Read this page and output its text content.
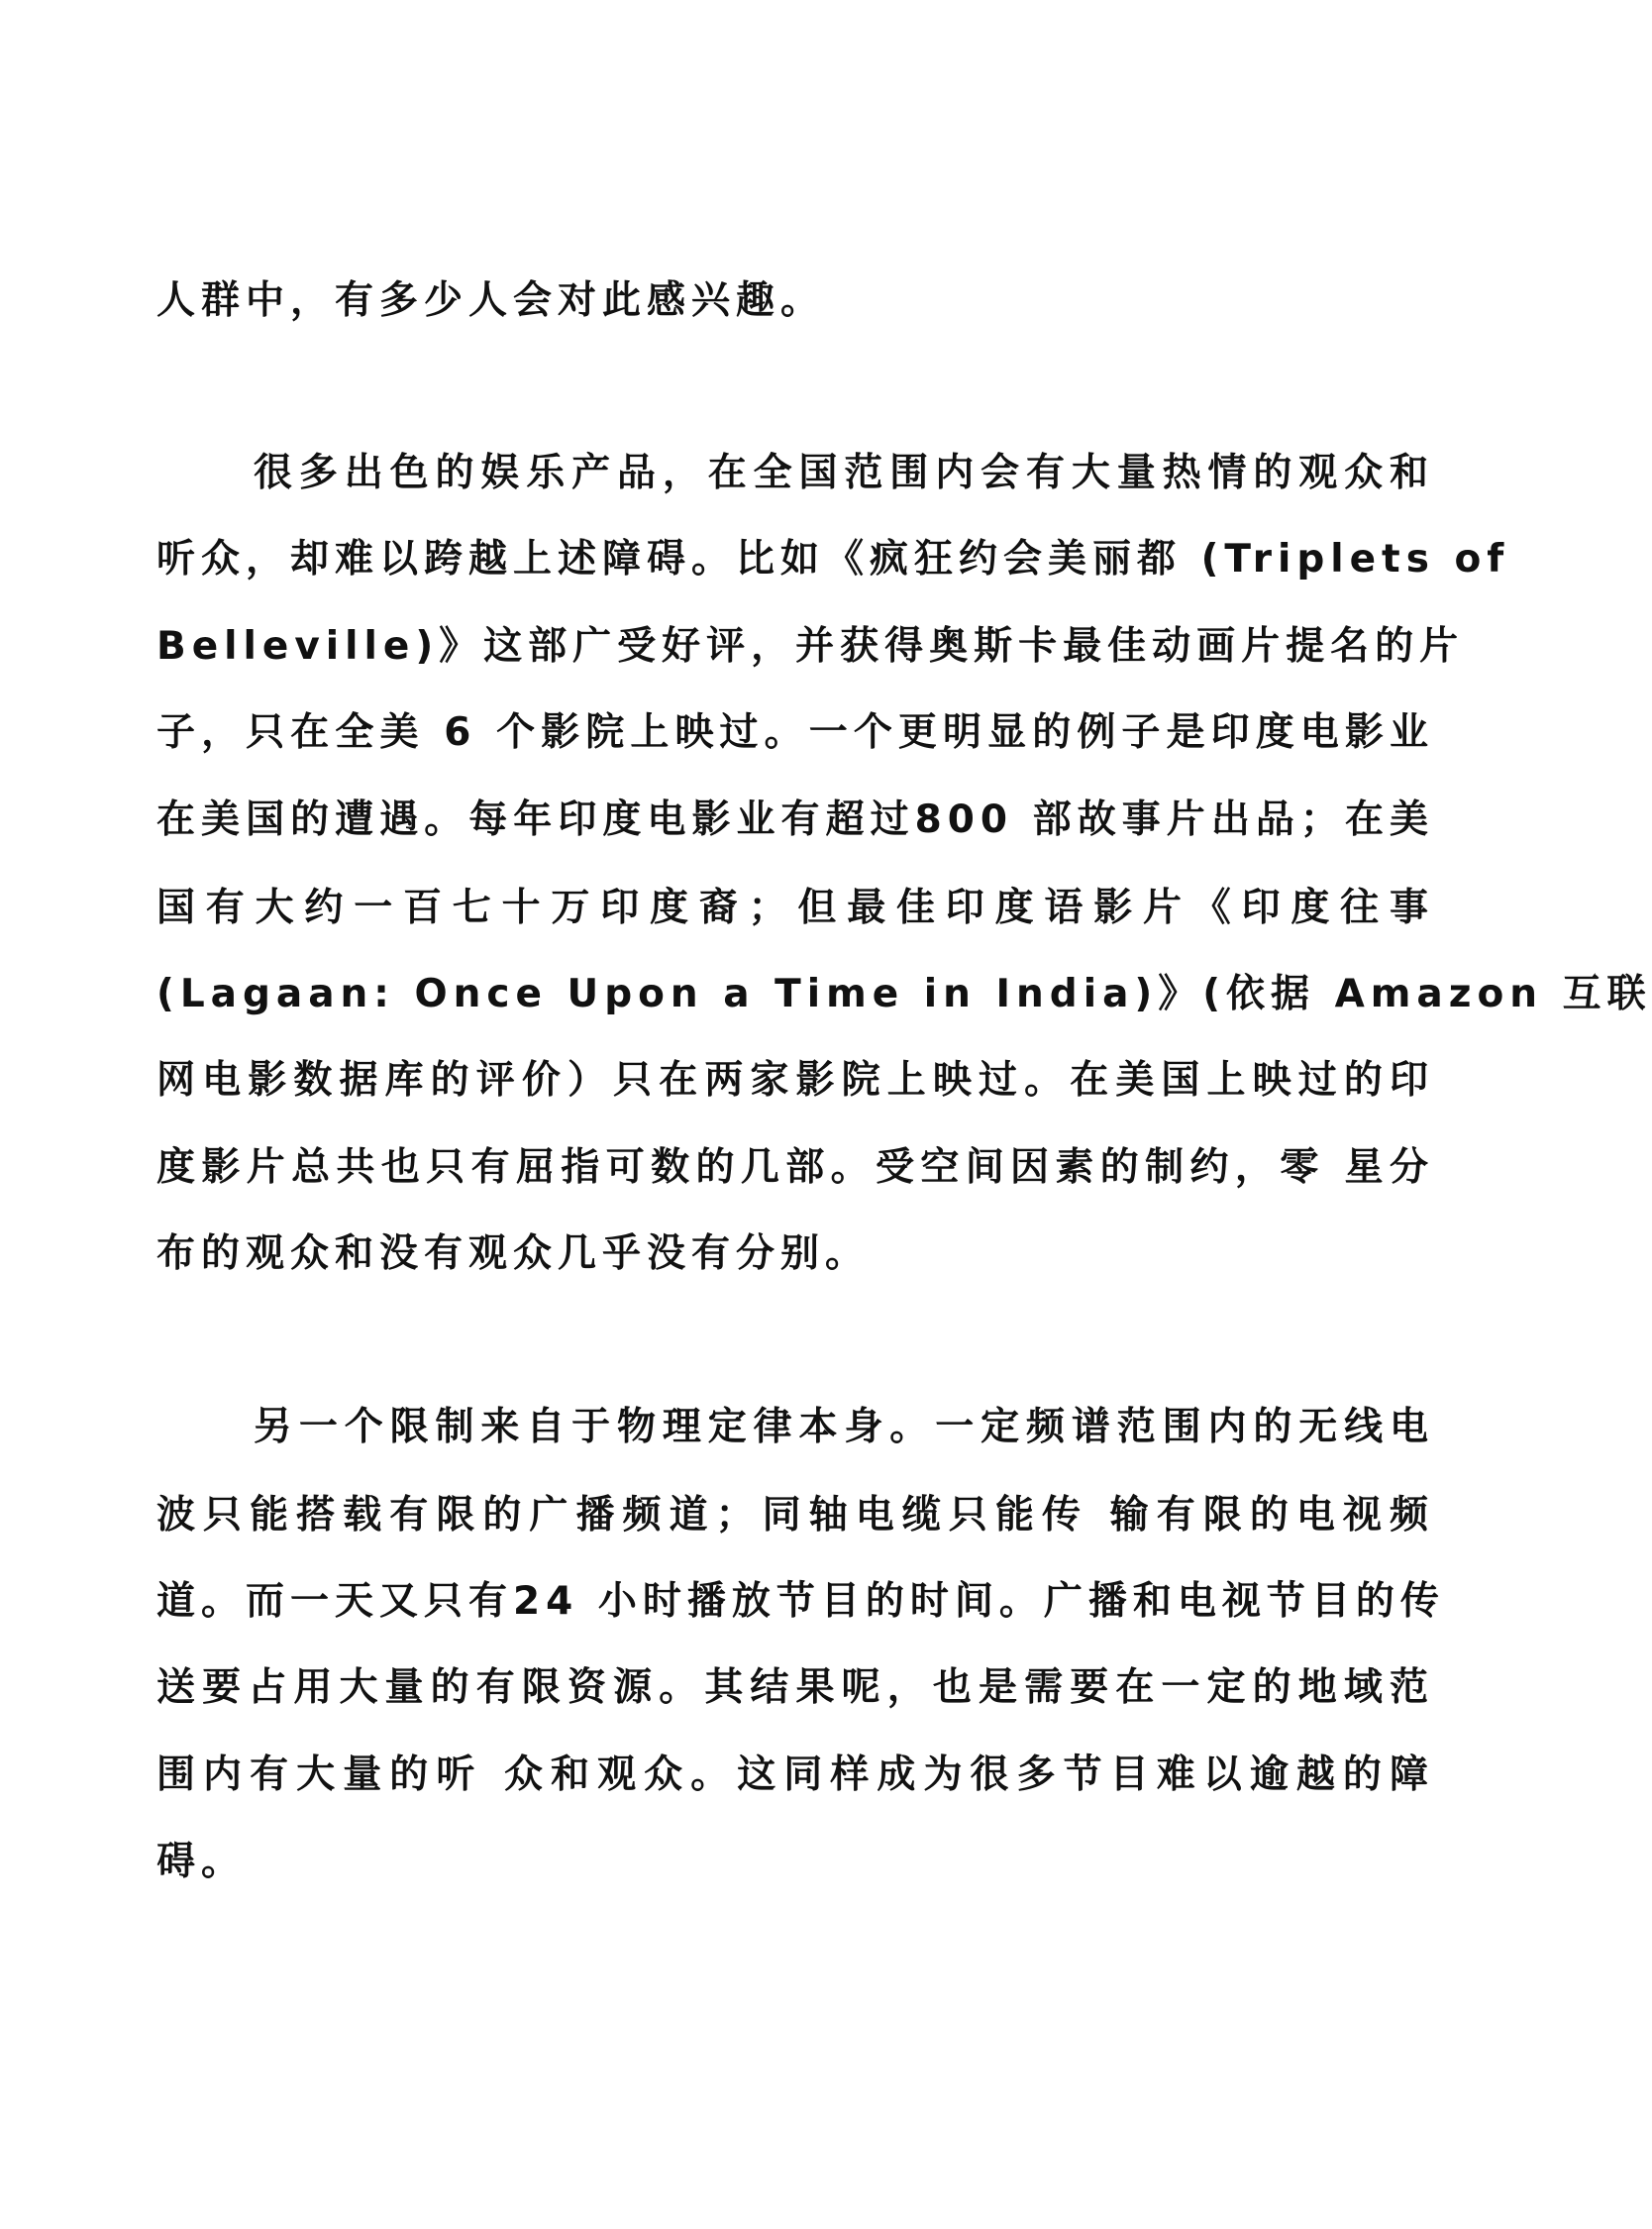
人群中，有多少人会对此感兴趣。

很多出色的娱乐产品，在全国范围内会有大量热情的观众和

听众，却难以跨越上述障碍。比如《疯狂约会美丽都 (Triplets of

Belleville)》这部广受好评，并获得奥斯卡最佳动画片提名的片

子，只在全美 6 个影院上映过。一个更明显的例子是印度电影业

在美国的遭遇。每年印度电影业有超过800 部故事片出品；在美

国有大约一百七十万印度裔；但最佳印度语影片《印度往事

(Lagaan: Once Upon a Time in India)》(依据 Amazon 互联

网电影数据库的评价）只在两家影院上映过。在美国上映过的印

度影片总共也只有屈指可数的几部。受空间因素的制约，零 星分

布的观众和没有观众几乎没有分别。

另一个限制来自于物理定律本身。一定频谱范围内的无线电

波只能搭载有限的广播频道；同轴电缆只能传 输有限的电视频

道。而一天又只有24 小时播放节目的时间。广播和电视节目的传

送要占用大量的有限资源。其结果呢，也是需要在一定的地域范

围内有大量的听 众和观众。这同样成为很多节目难以逾越的障

碍。
